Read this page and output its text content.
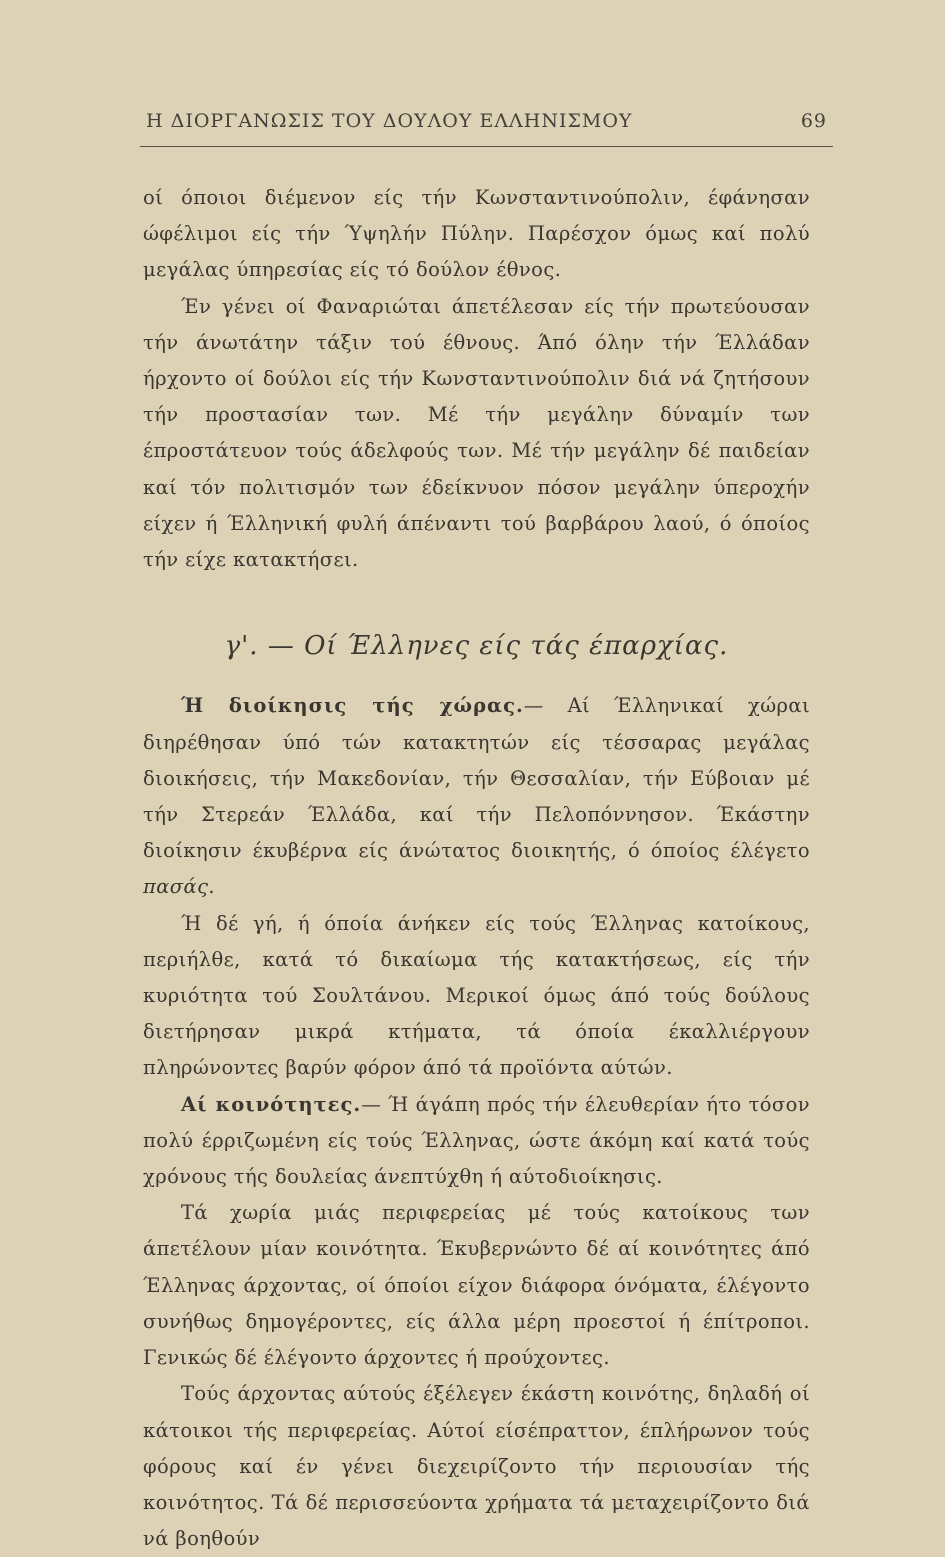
Η ΔΙΟΡΓΑΝΩΣΙΣ ΤΟΥ ΔΟΥΛΟΥ ΕΛΛΗΝΙΣΜΟΥ	69

οί όποιοι διέμενον είς τήν Κωνσταντινούπολιν, έφάνησαν ώφέλιμοι είς τήν Ύψηλήν Πύλην. Παρέσχον όμως καί πολύ μεγάλας ύπηρεσίας είς τό δούλον έθνος.

Έν γένει οί Φαναριώται άπετέλεσαν είς τήν πρωτεύουσαν τήν άνωτάτην τάξιν τού έθνους. Άπό όλην τήν Έλλάδαν ήρχοντο οί δούλοι είς τήν Κωνσταντινούπολιν διά νά ζητήσουν τήν προστασίαν των. Μέ τήν μεγάλην δύναμίν των έπροστάτευον τούς άδελφούς των. Μέ τήν μεγάλην δέ παιδείαν καί τόν πολιτισμόν των έδείκνυον πόσον μεγάλην ύπεροχήν είχεν ή Έλληνική φυλή άπέναντι τού βαρβάρου λαού, ό όποίος τήν είχε κατακτήσει.

γ'. — Οί Έλληνες είς τάς έπαρχίας.

Ή διοίκησις τής χώρας.— Αί Έλληνικαί χώραι διηρέθησαν ύπό τών κατακτητών είς τέσσαρας μεγάλας διοικήσεις, τήν Μακεδονίαν, τήν Θεσσαλίαν, τήν Εύβοιαν μέ τήν Στερεάν Έλλάδα, καί τήν Πελοπόννησον. Έκάστην διοίκησιν έκυβέρνα είς άνώτατος διοικητής, ό όποίος έλέγετο πασάς.

Ή δέ γή, ή όποία άνήκεν είς τούς Έλληνας κατοίκους, περιήλθε, κατά τό δικαίωμα τής κατακτήσεως, είς τήν κυριότητα τού Σουλτάνου. Μερικοί όμως άπό τούς δούλους διετήρησαν μικρά κτήματα, τά όποία έκαλλιέργουν πληρώνοντες βαρύν φόρον άπό τά προϊόντα αύτών.

Αί κοινότητες.— Ή άγάπη πρός τήν έλευθερίαν ήτο τόσον πολύ έρριζωμένη είς τούς Έλληνας, ώστε άκόμη καί κατά τούς χρόνους τής δουλείας άνεπτύχθη ή αύτοδιοίκησις.

Τά χωρία μιάς περιφερείας μέ τούς κατοίκους των άπετέλουν μίαν κοινότητα. Έκυβερνώντο δέ αί κοινότητες άπό Έλληνας άρχοντας, οί όποίοι είχον διάφορα όνόματα, έλέγοντο συνήθως δημογέροντες, είς άλλα μέρη προεστοί ή έπίτροποι. Γενικώς δέ έλέγοντο άρχοντες ή προύχοντες.

Τούς άρχοντας αύτούς έξέλεγεν έκάστη κοινότης, δηλαδή οί κάτοικοι τής περιφερείας. Αύτοί είσέπραττον, έπλήρωνον τούς φόρους καί έν γένει διεχειρίζοντο τήν περιουσίαν τής κοινότητος. Τά δέ περισσεύοντα χρήματα τά μεταχειρίζοντο διά νά βοηθούν
